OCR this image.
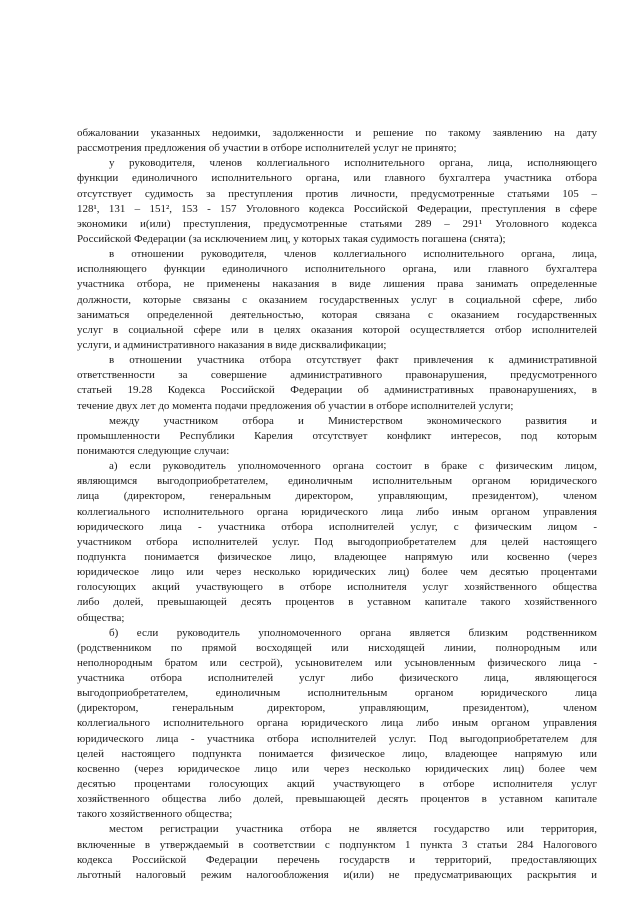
обжаловании указанных недоимки, задолженности и решение по такому заявлению на дату
рассмотрения предложения об участии в отборе исполнителей услуг не принято;
у руководителя, членов коллегиального исполнительного органа, лица, исполняющего
функции единоличного исполнительного органа, или главного бухгалтера участника отбора
отсутствует судимость за преступления против личности, предусмотренные статьями 105 –
128¹, 131 – 151², 153 - 157 Уголовного кодекса Российской Федерации, преступления в сфере
экономики и(или) преступления, предусмотренные статьями 289 – 291¹ Уголовного кодекса
Российской Федерации (за исключением лиц, у которых такая судимость погашена (снята);
в отношении руководителя, членов коллегиального исполнительного органа, лица,
исполняющего функции единоличного исполнительного органа, или главного бухгалтера
участника отбора, не применены наказания в виде лишения права занимать определенные
должности, которые связаны с оказанием государственных услуг в социальной сфере, либо
заниматься определенной деятельностью, которая связана с оказанием государственных
услуг в социальной сфере или в целях оказания которой осуществляется отбор исполнителей
услуги, и административного наказания в виде дисквалификации;
в отношении участника отбора отсутствует факт привлечения к административной
ответственности за совершение административного правонарушения, предусмотренного
статьей 19.28 Кодекса Российской Федерации об административных правонарушениях, в
течение двух лет до момента подачи предложения об участии в отборе исполнителей услуги;
между участником отбора и Министерством экономического развития и
промышленности Республики Карелия отсутствует конфликт интересов, под которым
понимаются следующие случаи:
а) если руководитель уполномоченного органа состоит в браке с физическим лицом,
являющимся выгодоприобретателем, единоличным исполнительным органом юридического
лица (директором, генеральным директором, управляющим, президентом), членом
коллегиального исполнительного органа юридического лица либо иным органом управления
юридического лица - участника отбора исполнителей услуг, с физическим лицом -
участником отбора исполнителей услуг. Под выгодоприобретателем для целей настоящего
подпункта понимается физическое лицо, владеющее напрямую или косвенно (через
юридическое лицо или через несколько юридических лиц) более чем десятью процентами
голосующих акций участвующего в отборе исполнителя услуг хозяйственного общества
либо долей, превышающей десять процентов в уставном капитале такого хозяйственного
общества;
б) если руководитель уполномоченного органа является близким родственником
(родственником по прямой восходящей или нисходящей линии, полнородным или
неполнородным братом или сестрой), усыновителем или усыновленным физического лица -
участника отбора исполнителей услуг либо физического лица, являющегося
выгодоприобретателем, единоличным исполнительным органом юридического лица
(директором, генеральным директором, управляющим, президентом), членом
коллегиального исполнительного органа юридического лица либо иным органом управления
юридического лица - участника отбора исполнителей услуг. Под выгодоприобретателем для
целей настоящего подпункта понимается физическое лицо, владеющее напрямую или
косвенно (через юридическое лицо или через несколько юридических лиц) более чем
десятью процентами голосующих акций участвующего в отборе исполнителя услуг
хозяйственного общества либо долей, превышающей десять процентов в уставном капитале
такого хозяйственного общества;
местом регистрации участника отбора не является государство или территория,
включенные в утверждаемый в соответствии с подпунктом 1 пункта 3 статьи 284 Налогового
кодекса Российской Федерации перечень государств и территорий, предоставляющих
льготный налоговый режим налогообложения и(или) не предусматривающих раскрытия и
